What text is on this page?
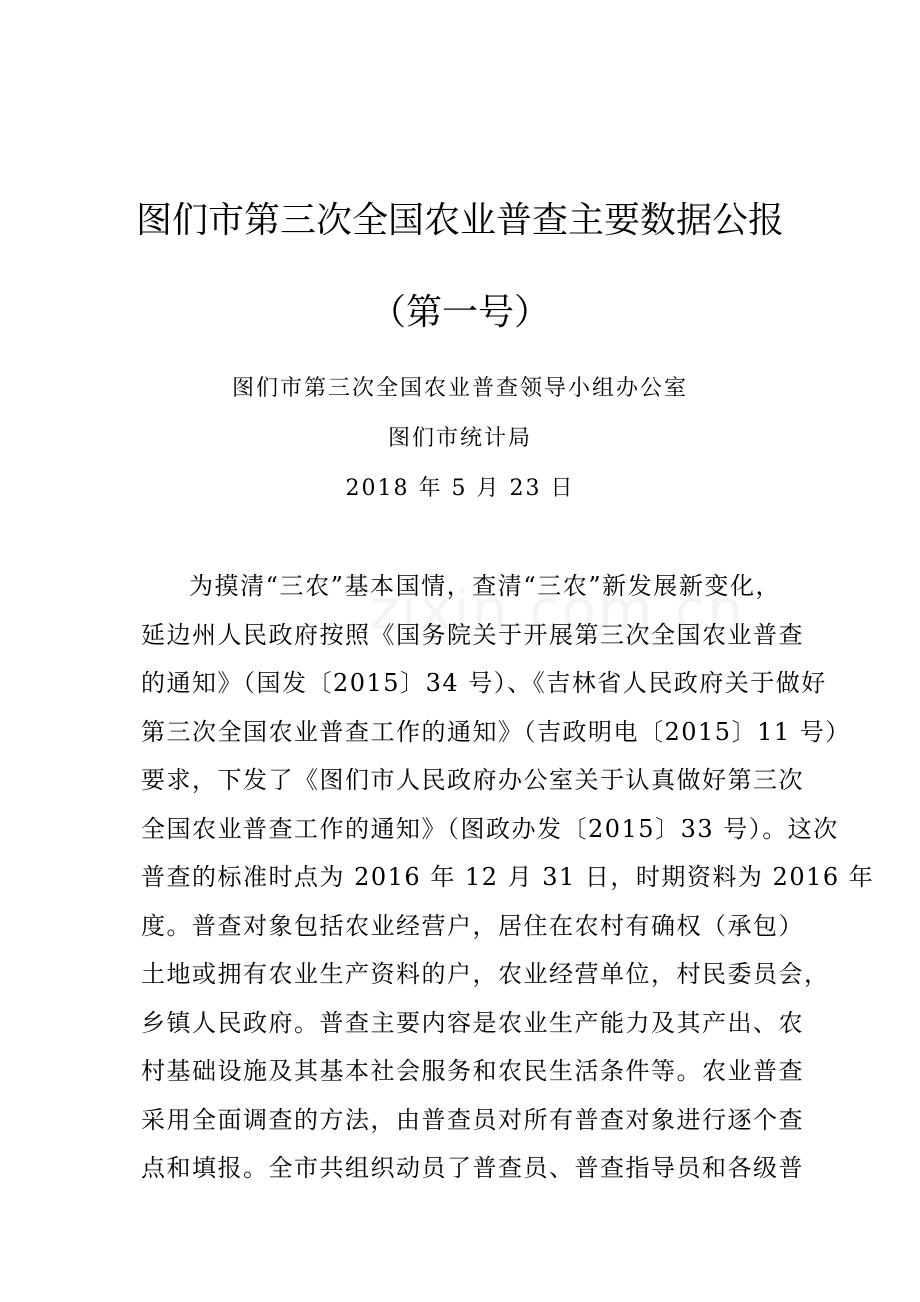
图们市第三次全国农业普查主要数据公报
（第一号）
图们市第三次全国农业普查领导小组办公室
图们市统计局
2018 年 5 月 23 日
为摸清“三农”基本国情，查清“三农”新发展新变化，
延边州人民政府按照《国务院关于开展第三次全国农业普查
的通知》（国发〔2015〕34 号）、《吉林省人民政府关于做好
第三次全国农业普查工作的通知》（吉政明电〔2015〕11 号）
要求，下发了《图们市人民政府办公室关于认真做好第三次
全国农业普查工作的通知》（图政办发〔2015〕33 号）。这次
普查的标准时点为 2016 年 12 月 31 日，时期资料为 2016 年
度。普查对象包括农业经营户，居住在农村有确权（承包）
土地或拥有农业生产资料的户，农业经营单位，村民委员会，
乡镇人民政府。普查主要内容是农业生产能力及其产出、农
村基础设施及其基本社会服务和农民生活条件等。农业普查
采用全面调查的方法，由普查员对所有普查对象进行逐个查
点和填报。全市共组织动员了普查员、普查指导员和各级普
